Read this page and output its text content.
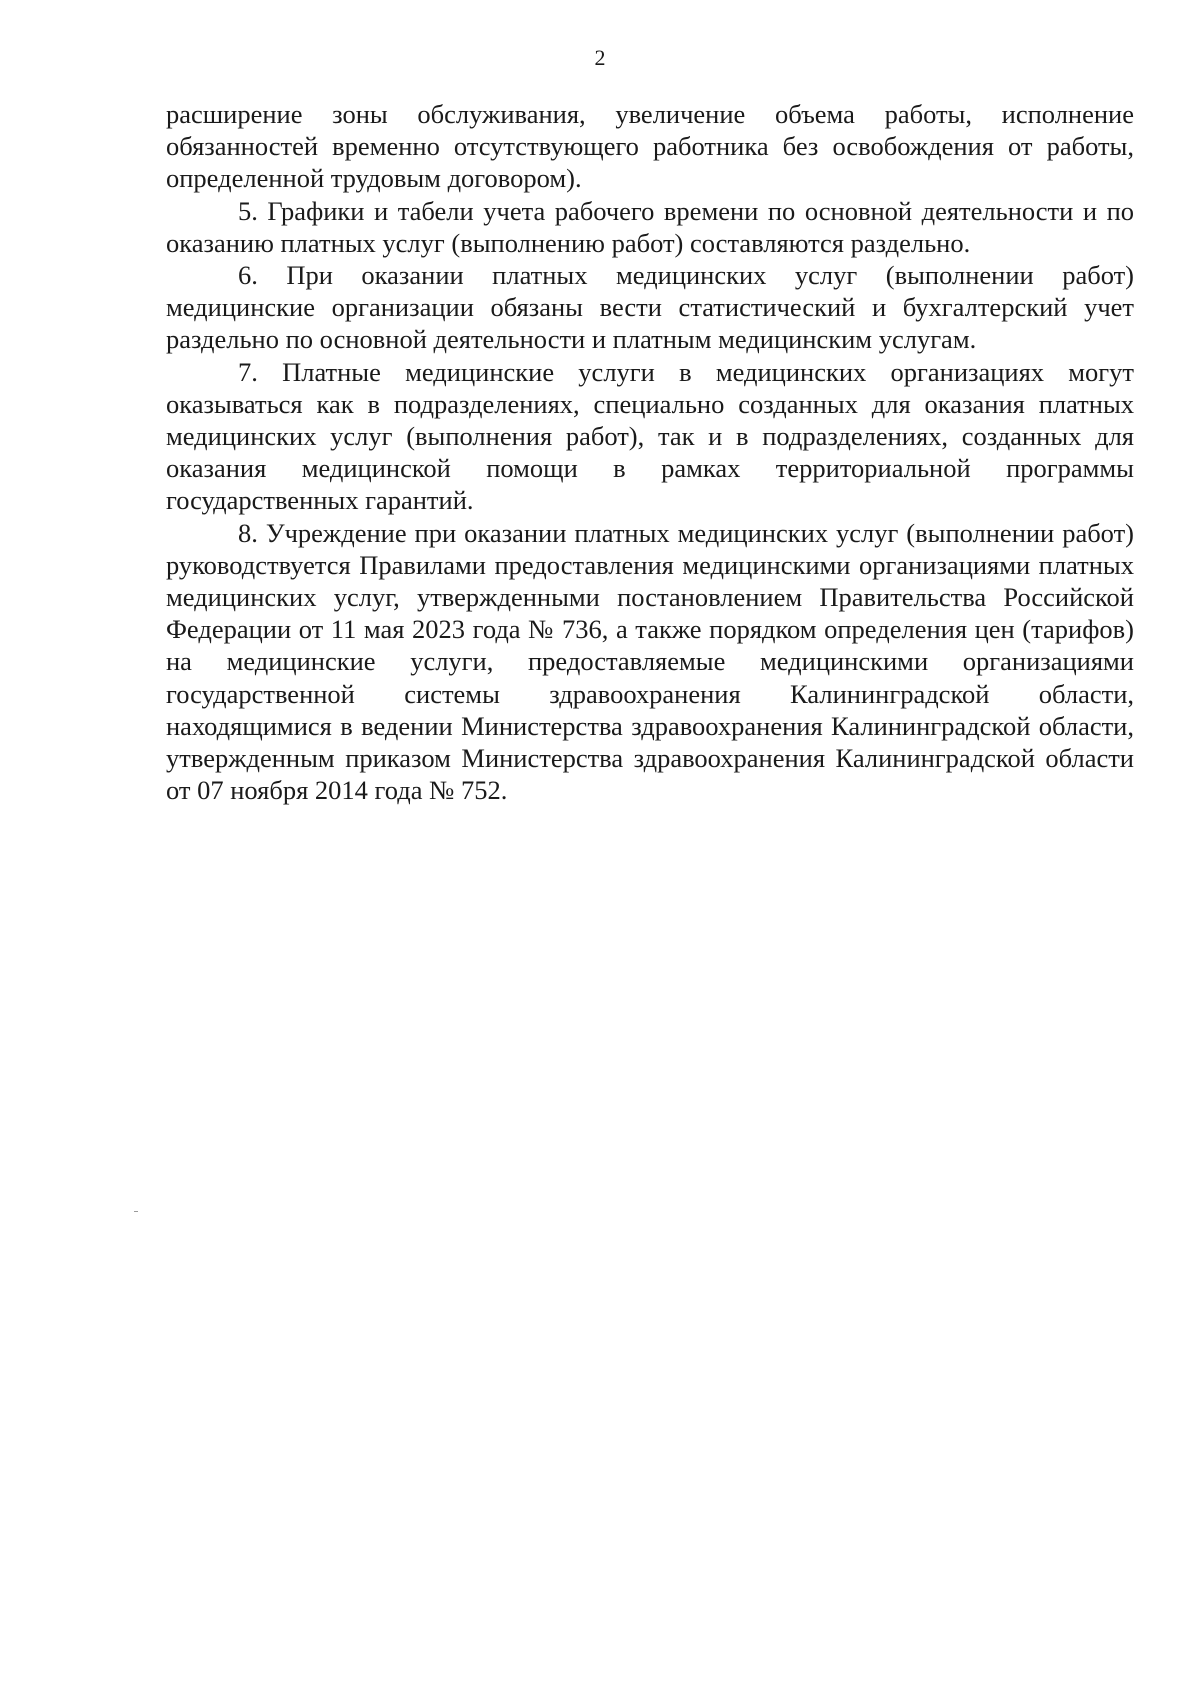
2

расширение зоны обслуживания, увеличение объема работы, исполнение обязанностей временно отсутствующего работника без освобождения от работы, определенной трудовым договором).

5. Графики и табели учета рабочего времени по основной деятельности и по оказанию платных услуг (выполнению работ) составляются раздельно.

6. При оказании платных медицинских услуг (выполнении работ) медицинские организации обязаны вести статистический и бухгалтерский учет раздельно по основной деятельности и платным медицинским услугам.

7. Платные медицинские услуги в медицинских организациях могут оказываться как в подразделениях, специально созданных для оказания платных медицинских услуг (выполнения работ), так и в подразделениях, созданных для оказания медицинской помощи в рамках территориальной программы государственных гарантий.

8. Учреждение при оказании платных медицинских услуг (выполнении работ) руководствуется Правилами предоставления медицинскими организациями платных медицинских услуг, утвержденными постановлением Правительства Российской Федерации от 11 мая 2023 года № 736, а также порядком определения цен (тарифов) на медицинские услуги, предоставляемые медицинскими организациями государственной системы здравоохранения Калининградской области, находящимися в ведении Министерства здравоохранения Калининградской области, утвержденным приказом Министерства здравоохранения Калининградской области от 07 ноября 2014 года № 752.
